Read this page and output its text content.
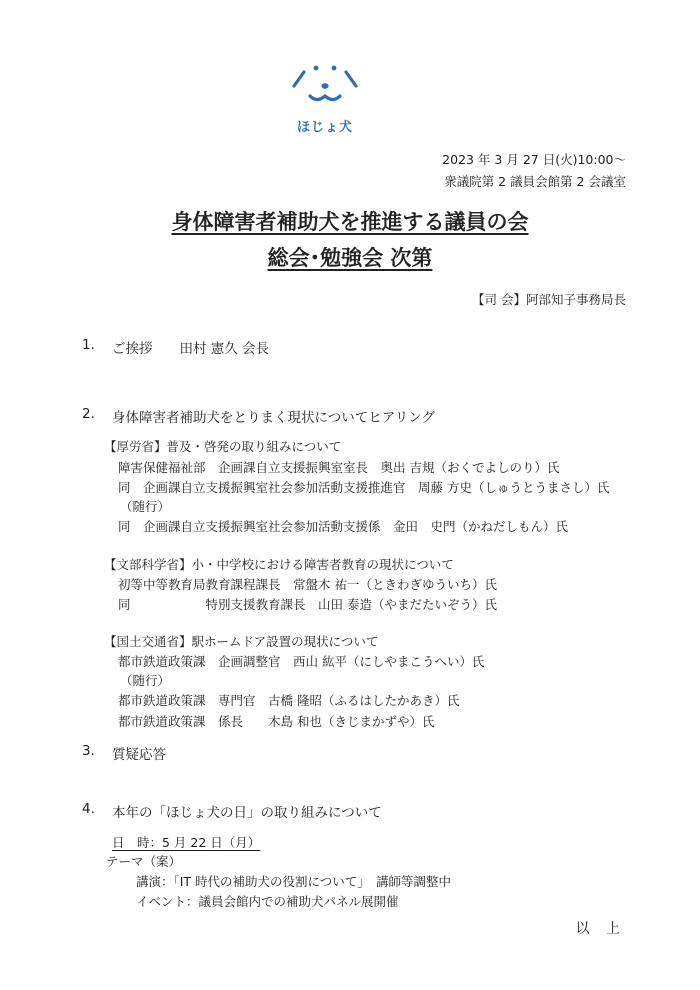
ほじょ犬
2023 年 3 月 27 日(火)10:00～
衆議院第 2 議員会館第 2 会議室
身体障害者補助犬を推進する議員の会
総会･勉強会 次第
【司 会】阿部知子事務局長
1. ご挨拶　　田村 憲久 会長
2. 身体障害者補助犬をとりまく現状についてヒアリング
【厚労省】普及・啓発の取り組みについて
障害保健福祉部　企画課自立支援振興室室長　奥出 吉規（おくでよしのり）氏
同　企画課自立支援振興室社会参加活動支援推進官　周藤 方史（しゅうとうまさし）氏
（随行）
同　企画課自立支援振興室社会参加活動支援係　金田　史門（かねだしもん）氏
【文部科学省】小・中学校における障害者教育の現状について
初等中等教育局教育課程課長　常盤木 祐一（ときわぎゆういち）氏
同　　　　　　特別支援教育課長　山田 泰造（やまだたいぞう）氏
【国土交通省】駅ホームドア設置の現状について
都市鉄道政策課　企画調整官　西山 紘平（にしやまこうへい）氏
（随行）
都市鉄道政策課　専門官　古橋 隆昭（ふるはしたかあき）氏
都市鉄道政策課　係長　　木島 和也（きじまかずや）氏
3. 質疑応答
4. 本年の「ほじょ犬の日」の取り組みについて
日　時：5 月 22 日（月）
テーマ（案）
講演：「IT 時代の補助犬の役割について」　講師等調整中
イベント：議員会館内での補助犬パネル展開催
以 上
